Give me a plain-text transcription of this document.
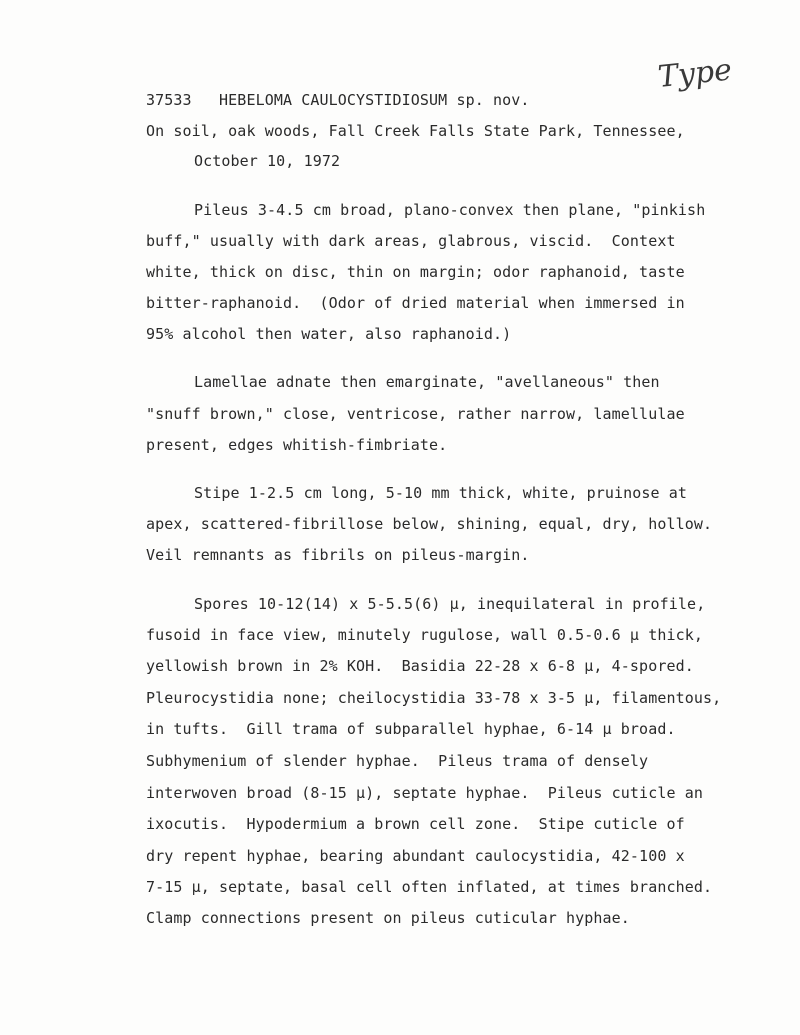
37533   HEBELOMA CAULOCYSTIDIOSUM sp. nov.
Type
On soil, oak woods, Fall Creek Falls State Park, Tennessee,
October 10, 1972
Pileus 3-4.5 cm broad, plano-convex then plane, "pinkish
buff," usually with dark areas, glabrous, viscid.  Context
white, thick on disc, thin on margin; odor raphanoid, taste
bitter-raphanoid.  (Odor of dried material when immersed in
95% alcohol then water, also raphanoid.)
Lamellae adnate then emarginate, "avellaneous" then
"snuff brown," close, ventricose, rather narrow, lamellulae
present, edges whitish-fimbriate.
Stipe 1-2.5 cm long, 5-10 mm thick, white, pruinose at
apex, scattered-fibrillose below, shining, equal, dry, hollow.
Veil remnants as fibrils on pileus-margin.
Spores 10-12(14) x 5-5.5(6) μ, inequilateral in profile,
fusoid in face view, minutely rugulose, wall 0.5-0.6 μ thick,
yellowish brown in 2% KOH.  Basidia 22-28 x 6-8 μ, 4-spored.
Pleurocystidia none; cheilocystidia 33-78 x 3-5 μ, filamentous,
in tufts.  Gill trama of subparallel hyphae, 6-14 μ broad.
Subhymenium of slender hyphae.  Pileus trama of densely
interwoven broad (8-15 μ), septate hyphae.  Pileus cuticle an
ixocutis.  Hypodermium a brown cell zone.  Stipe cuticle of
dry repent hyphae, bearing abundant caulocystidia, 42-100 x
7-15 μ, septate, basal cell often inflated, at times branched.
Clamp connections present on pileus cuticular hyphae.
